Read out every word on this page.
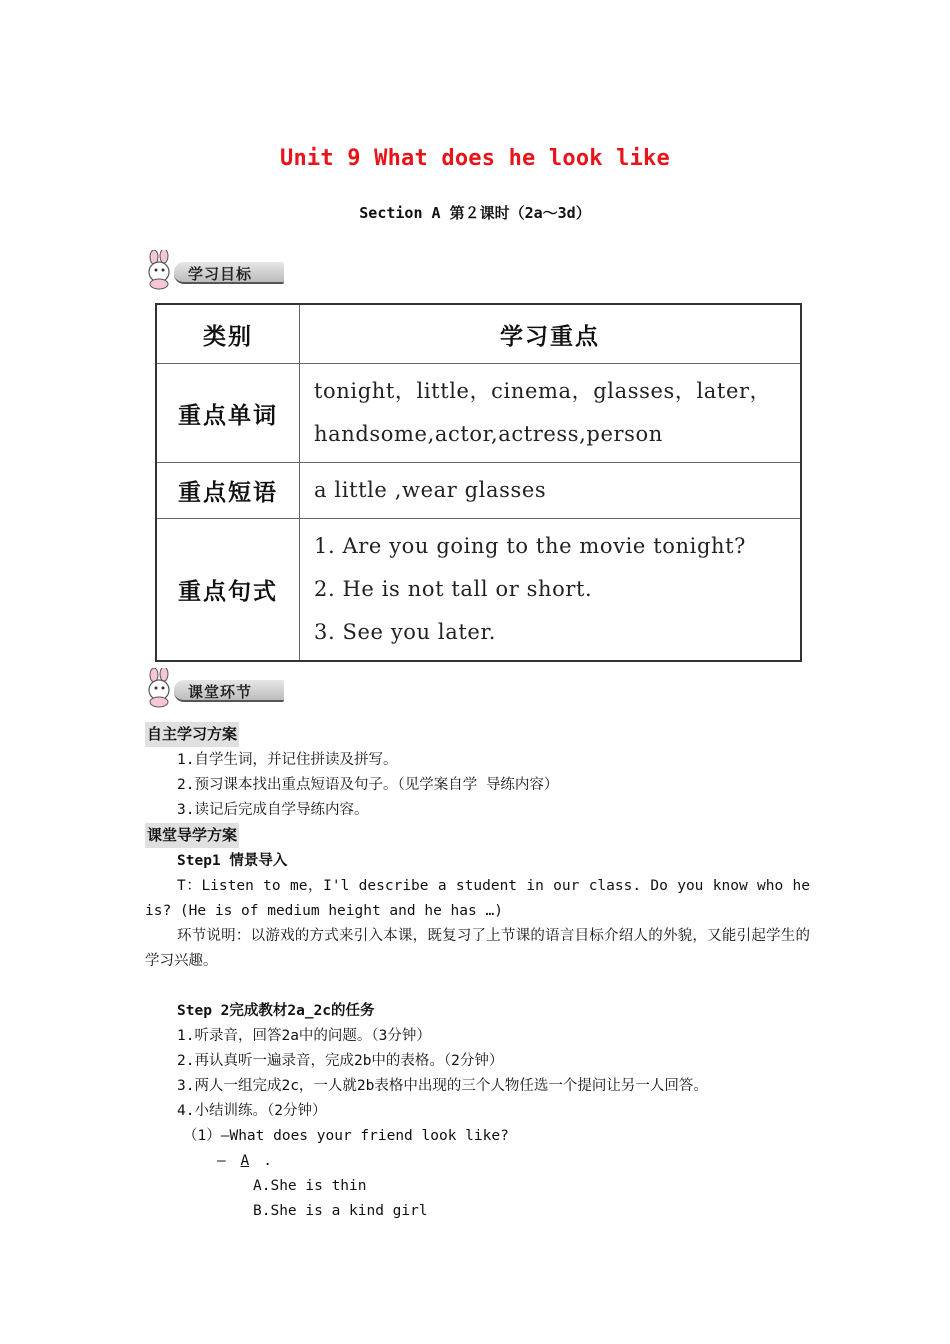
Unit 9 What does he look like
Section A 第２课时（2a～3d）
学习目标
类别	学习重点
重点单词	tonight，little，cinema，glasses，later，
handsome,actor,actress,person

重点短语	a little ,wear glasses

重点句式	1. Are you going to the movie tonight?
2. He is not tall or short.
3. See you later.
课堂环节

自主学习方案

1.自学生词，并记住拼读及拼写。

2.预习课本找出重点短语及句子。（见学案自学 导练内容）

3.读记后完成自学导练内容。

课堂导学方案

Step1 情景导入

T：Listen to me，I'l describe a student in our class. Do you know who he is? (He is of medium height and he has …)

环节说明：以游戏的方式来引入本课，既复习了上节课的语言目标介绍人的外貌，又能引起学生的学习兴趣。

Step 2完成教材2a_2c的任务

1.听录音，回答2a中的问题。（3分钟）

2.再认真听一遍录音，完成2b中的表格。（2分钟）

3.两人一组完成2c，一人就2b表格中出现的三个人物任选一个提问让另一人回答。

4.小结训练。（2分钟）

（1）—What does your friend look like?

— A .

A.She is thin

B.She is a kind girl
